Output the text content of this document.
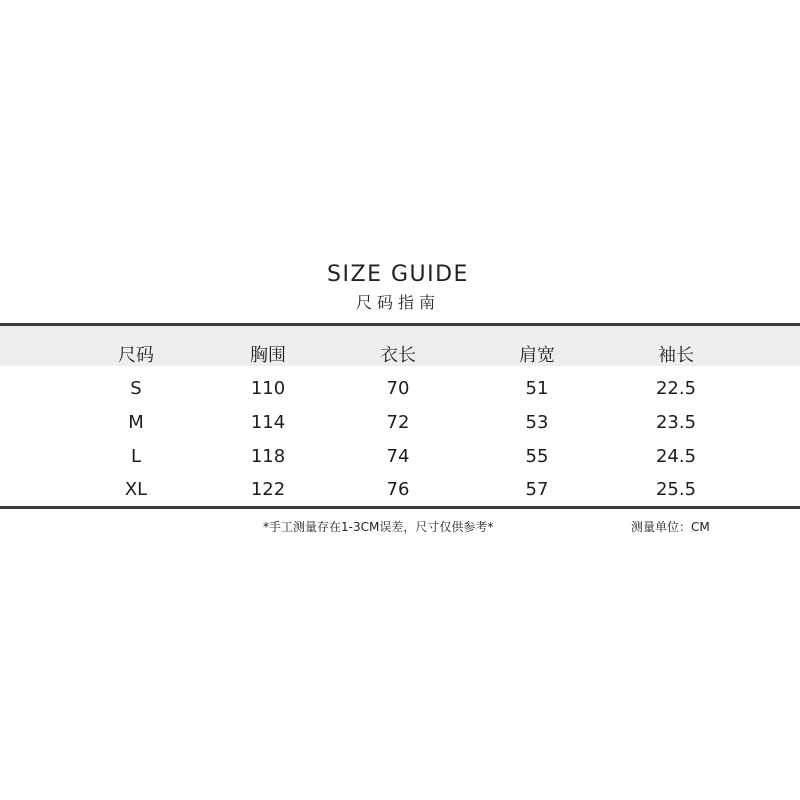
SIZE GUIDE
尺码指南
尺码	胸围	衣长	肩宽	袖长
S	110	70	51	22.5
M	114	72	53	23.5
L	118	74	55	24.5
XL	122	76	57	25.5
*手工测量存在1-3CM误差，尺寸仅供参考*	测量单位：CM
